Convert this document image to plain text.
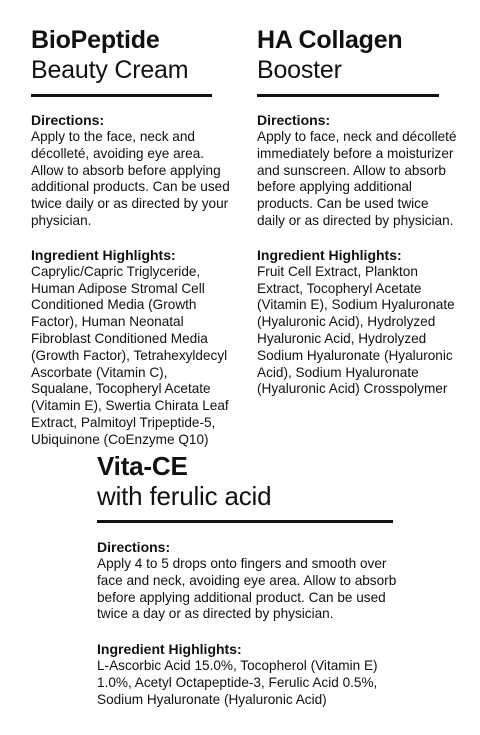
BioPeptide
Beauty Cream

Directions:

Apply to the face, neck and décolleté, avoiding eye area. Allow to absorb before applying additional products. Can be used twice daily or as directed by your physician.

Ingredient Highlights:

Caprylic/Capric Triglyceride, Human Adipose Stromal Cell Conditioned Media (Growth Factor), Human Neonatal Fibroblast Conditioned Media (Growth Factor), Tetrahexyldecyl Ascorbate (Vitamin C), Squalane, Tocopheryl Acetate (Vitamin E), Swertia Chirata Leaf Extract, Palmitoyl Tripeptide-5, Ubiquinone (CoEnzyme Q10)

HA Collagen
Booster

Directions:

Apply to face, neck and décolleté immediately before a moisturizer and sunscreen. Allow to absorb before applying additional products. Can be used twice daily or as directed by physician.

Ingredient Highlights:

Fruit Cell Extract, Plankton Extract, Tocopheryl Acetate (Vitamin E), Sodium Hyaluronate (Hyaluronic Acid), Hydrolyzed Hyaluronic Acid, Hydrolyzed Sodium Hyaluronate (Hyaluronic Acid), Sodium Hyaluronate (Hyaluronic Acid) Crosspolymer

Vita-CE
with ferulic acid

Directions:

Apply 4 to 5 drops onto fingers and smooth over face and neck, avoiding eye area. Allow to absorb before applying additional product. Can be used twice a day or as directed by physician.

Ingredient Highlights:

L-Ascorbic Acid 15.0%, Tocopherol (Vitamin E) 1.0%, Acetyl Octapeptide-3, Ferulic Acid 0.5%, Sodium Hyaluronate (Hyaluronic Acid)
